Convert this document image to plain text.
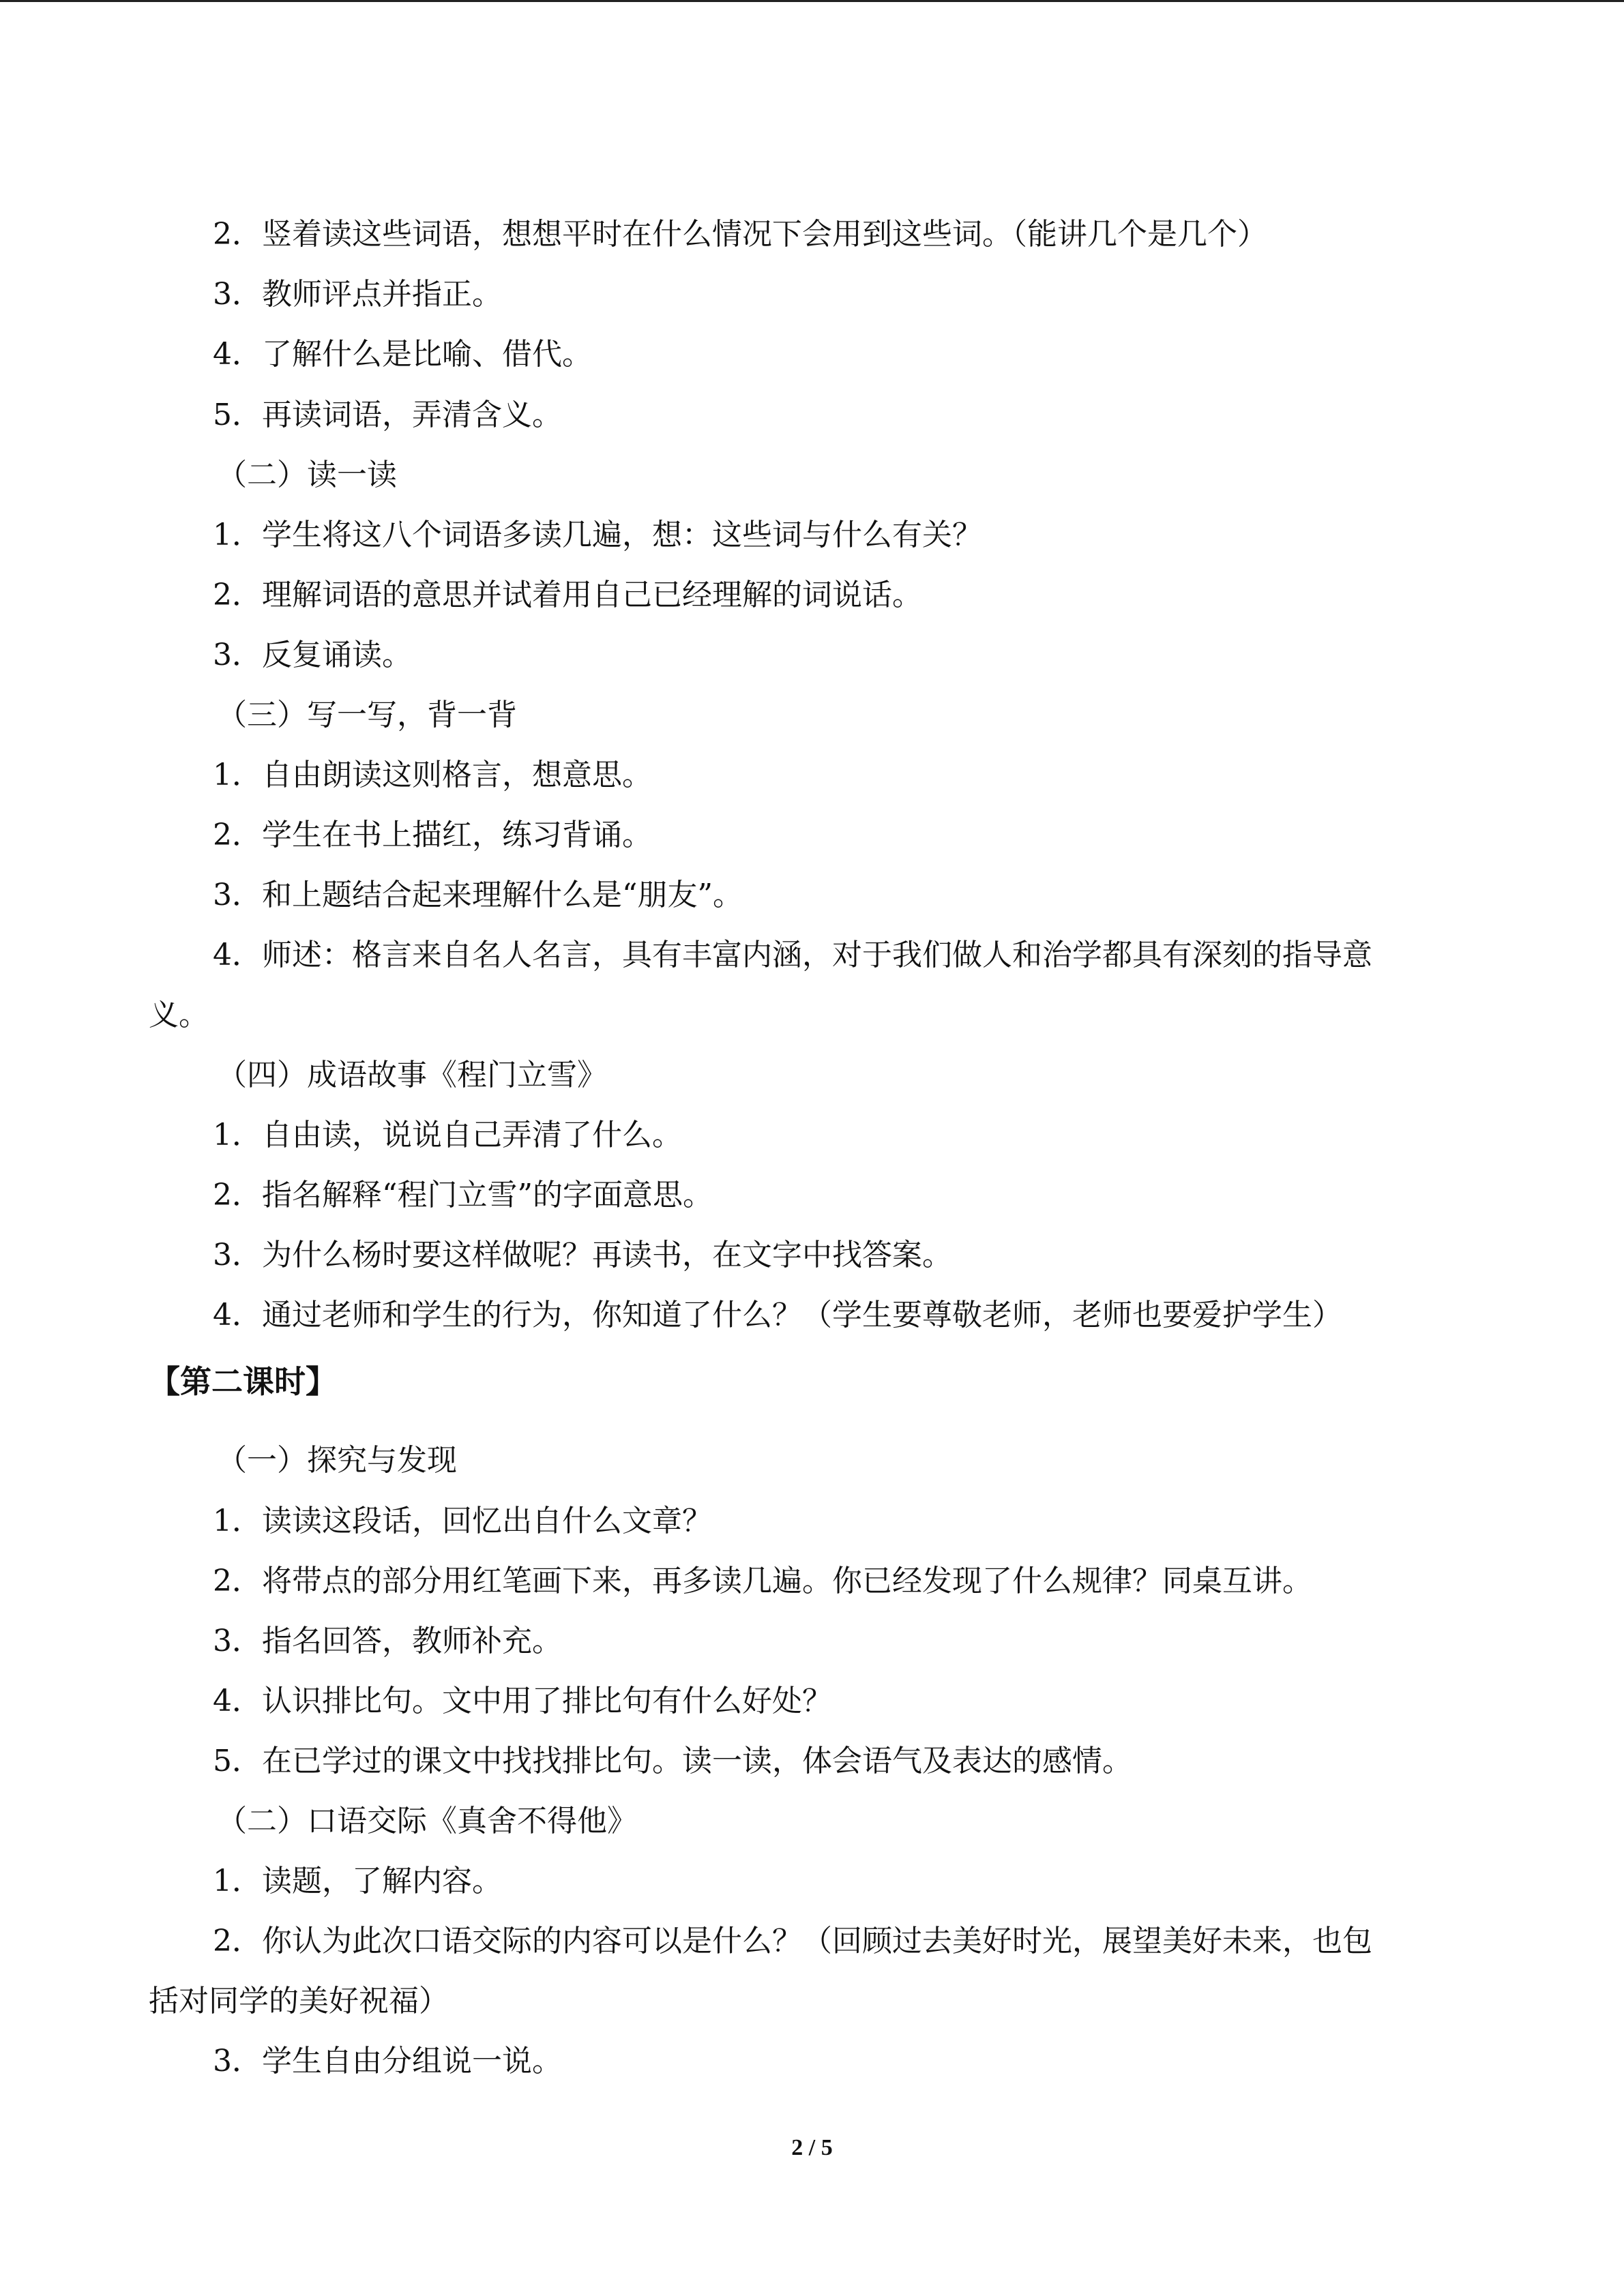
2．竖着读这些词语，想想平时在什么情况下会用到这些词。（能讲几个是几个）
3．教师评点并指正。
4．了解什么是比喻、借代。
5．再读词语，弄清含义。
（二）读一读
1．学生将这八个词语多读几遍，想：这些词与什么有关？
2．理解词语的意思并试着用自己已经理解的词说话。
3．反复诵读。
（三）写一写，背一背
1．自由朗读这则格言，想意思。
2．学生在书上描红，练习背诵。
3．和上题结合起来理解什么是“朋友”。
4．师述：格言来自名人名言，具有丰富内涵，对于我们做人和治学都具有深刻的指导意
义。
（四）成语故事《程门立雪》
1．自由读，说说自己弄清了什么。
2．指名解释“程门立雪”的字面意思。
3．为什么杨时要这样做呢？再读书，在文字中找答案。
4．通过老师和学生的行为，你知道了什么？（学生要尊敬老师，老师也要爱护学生）
【第二课时】
（一）探究与发现
1．读读这段话，回忆出自什么文章？
2．将带点的部分用红笔画下来，再多读几遍。你已经发现了什么规律？同桌互讲。
3．指名回答，教师补充。
4．认识排比句。文中用了排比句有什么好处？
5．在已学过的课文中找找排比句。读一读，体会语气及表达的感情。
（二）口语交际《真舍不得他》
1．读题，了解内容。
2．你认为此次口语交际的内容可以是什么？（回顾过去美好时光，展望美好未来，也包
括对同学的美好祝福）
3．学生自由分组说一说。
2 / 5
